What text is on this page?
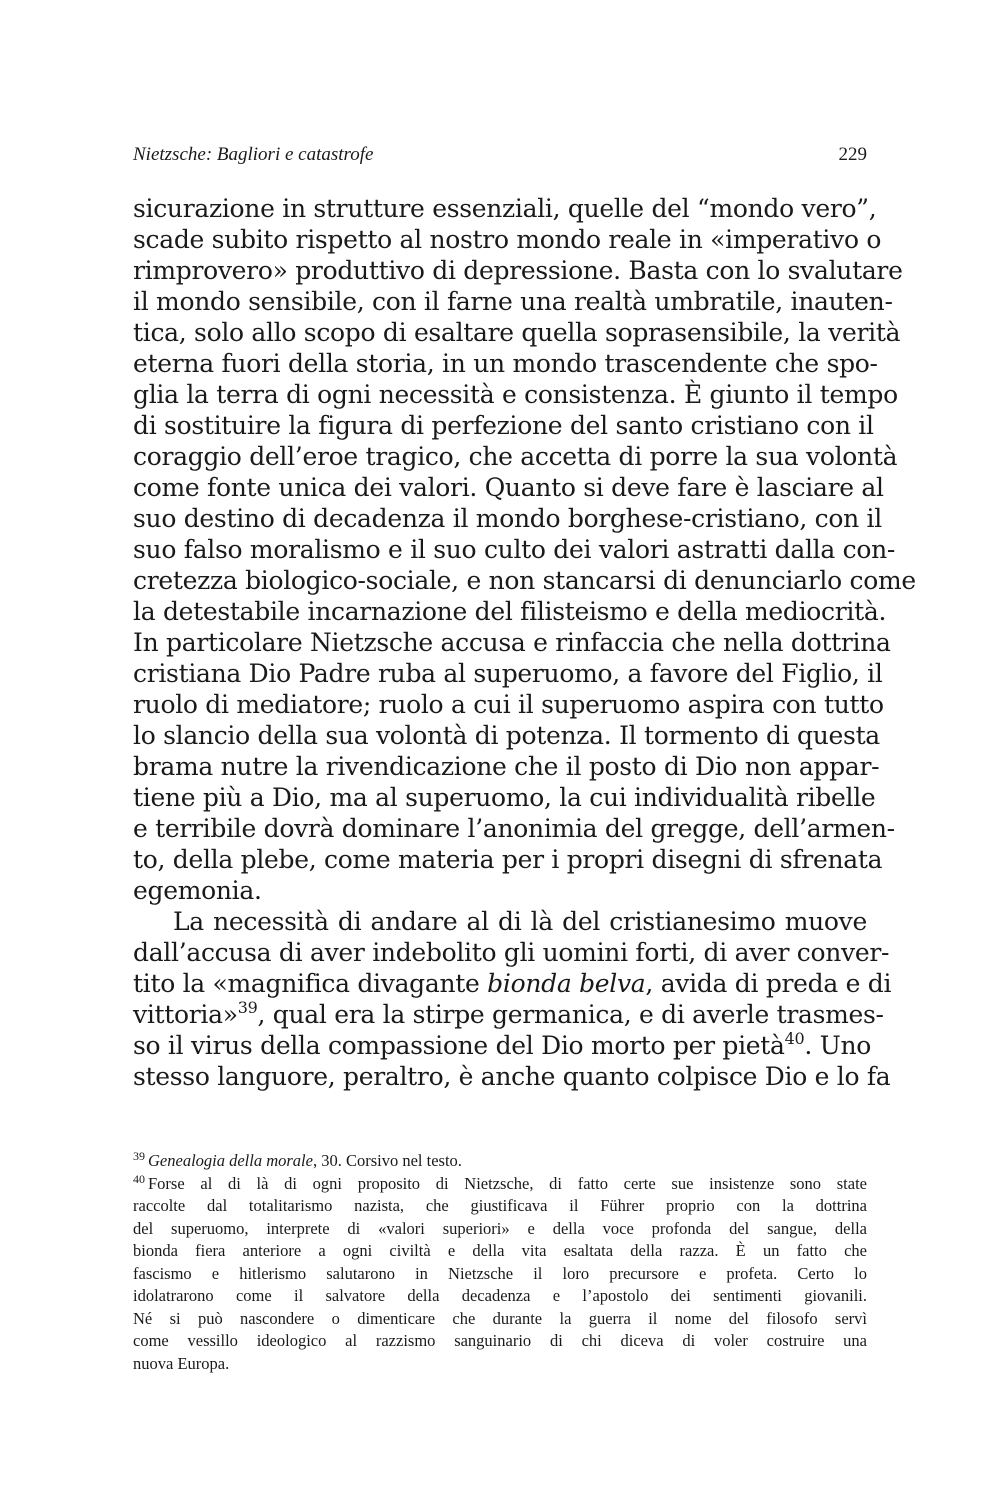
Nietzsche: Bagliori e catastrofe	229
sicurazione in strutture essenziali, quelle del “mondo vero”,
scade subito rispetto al nostro mondo reale in «imperativo o
rimprovero» produttivo di depressione. Basta con lo svalutare
il mondo sensibile, con il farne una realtà umbratile, inauten-
tica, solo allo scopo di esaltare quella soprasensibile, la verità
eterna fuori della storia, in un mondo trascendente che spo-
glia la terra di ogni necessità e consistenza. È giunto il tempo
di sostituire la figura di perfezione del santo cristiano con il
coraggio dell’eroe tragico, che accetta di porre la sua volontà
come fonte unica dei valori. Quanto si deve fare è lasciare al
suo destino di decadenza il mondo borghese-cristiano, con il
suo falso moralismo e il suo culto dei valori astratti dalla con-
cretezza biologico-sociale, e non stancarsi di denunciarlo come
la detestabile incarnazione del filisteismo e della mediocrità.
In particolare Nietzsche accusa e rinfaccia che nella dottrina
cristiana Dio Padre ruba al superuomo, a favore del Figlio, il
ruolo di mediatore; ruolo a cui il superuomo aspira con tutto
lo slancio della sua volontà di potenza. Il tormento di questa
brama nutre la rivendicazione che il posto di Dio non appar-
tiene più a Dio, ma al superuomo, la cui individualità ribelle
e terribile dovrà dominare l’anonimia del gregge, dell’armen-
to, della plebe, come materia per i propri disegni di sfrenata
egemonia.
La necessità di andare al di là del cristianesimo muove
dall’accusa di aver indebolito gli uomini forti, di aver conver-
tito la «magnifica divagante bionda belva, avida di preda e di
vittoria»$^{39}$, qual era la stirpe germanica, e di averle trasmes-
so il virus della compassione del Dio morto per pietà$^{40}$. Uno
stesso languore, peraltro, è anche quanto colpisce Dio e lo fa
$^{39}$ Genealogia della morale, 30. Corsivo nel testo.
$^{40}$ Forse al di là di ogni proposito di Nietzsche, di fatto certe sue insistenze sono state
raccolte dal totalitarismo nazista, che giustificava il Führer proprio con la dottrina
del superuomo, interprete di «valori superiori» e della voce profonda del sangue, della
bionda fiera anteriore a ogni civiltà e della vita esaltata della razza. È un fatto che
fascismo e hitlerismo salutarono in Nietzsche il loro precursore e profeta. Certo lo
idolatrarono come il salvatore della decadenza e l’apostolo dei sentimenti giovanili.
Né si può nascondere o dimenticare che durante la guerra il nome del filosofo servì
come vessillo ideologico al razzismo sanguinario di chi diceva di voler costruire una
nuova Europa.
